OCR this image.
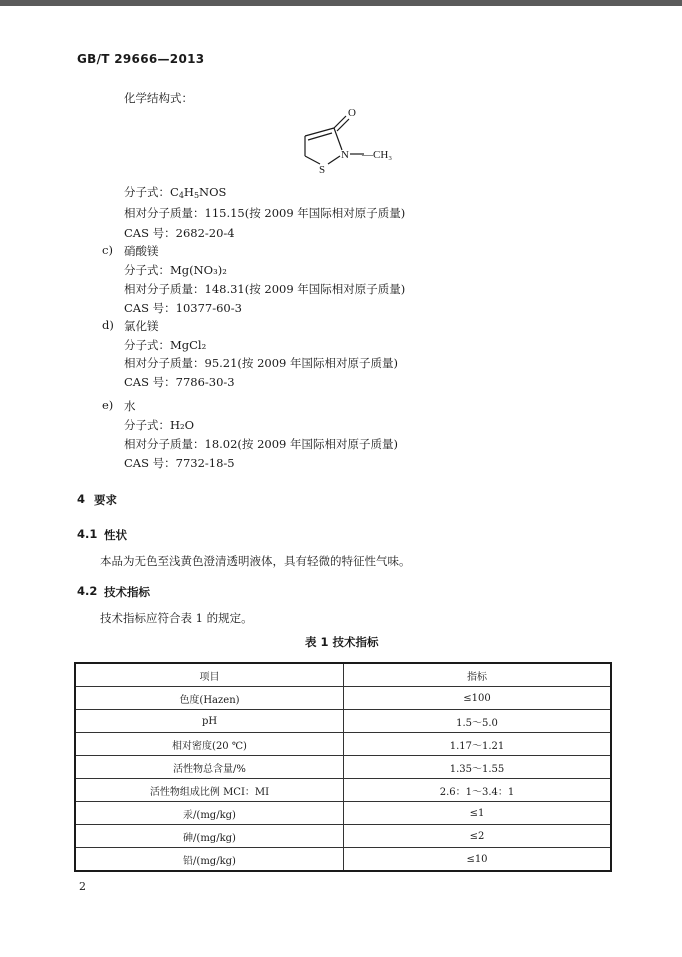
GB/T 29666—2013
化学结构式：
O
N
S
—CH₃
分子式：$C_4H_5NOS$
相对分子质量：115.15(按 2009 年国际相对原子质量)
CAS 号：2682-20-4
c) 硝酸镁
分子式：Mg(NO₃)₂
相对分子质量：148.31(按 2009 年国际相对原子质量)
CAS 号：10377-60-3
d) 氯化镁
分子式：MgCl₂
相对分子质量：95.21(按 2009 年国际相对原子质量)
CAS 号：7786-30-3
e) 水
分子式：H₂O
相对分子质量：18.02(按 2009 年国际相对原子质量)
CAS 号：7732-18-5
4 要求
4.1 性状
本品为无色至浅黄色澄清透明液体，具有轻微的特征性气味。
4.2 技术指标
技术指标应符合表 1 的规定。
表 1 技术指标
项目	指标
色度(Hazen)	≤100
pH	1.5～5.0
相对密度(20 ℃)	1.17～1.21
活性物总含量/%	1.35～1.55
活性物组成比例 MCI：MI	2.6：1～3.4：1
汞/(mg/kg)	≤1
砷/(mg/kg)	≤2
铅/(mg/kg)	≤10
2
